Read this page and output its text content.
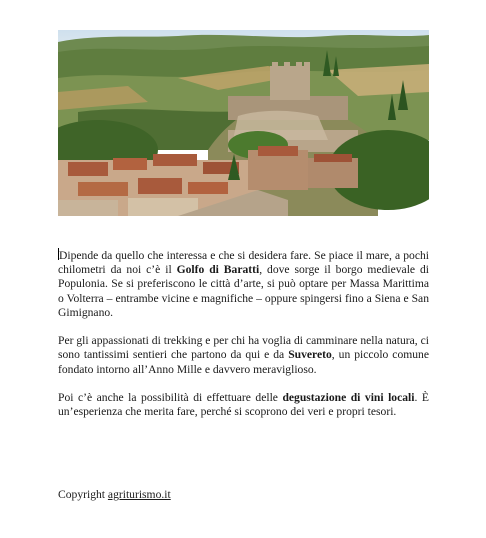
Dipende da quello che interessa e che si desidera fare. Se piace il mare, a pochi chilometri da noi c’è il Golfo di Baratti, dove sorge il borgo medievale di Populonia. Se si preferiscono le città d’arte, si può optare per Massa Marittima o Volterra – entrambe vicine e magnifiche – oppure spingersi fino a Siena e San Gimignano.

Per gli appassionati di trekking e per chi ha voglia di camminare nella natura, ci sono tantissimi sentieri che partono da qui e da Suvereto, un piccolo comune fondato intorno all’Anno Mille e davvero meraviglioso.

Poi c’è anche la possibilità di effettuare delle degustazione di vini locali. È un’esperienza che merita fare, perché si scoprono dei veri e propri tesori.

Copyright agriturismo.it
